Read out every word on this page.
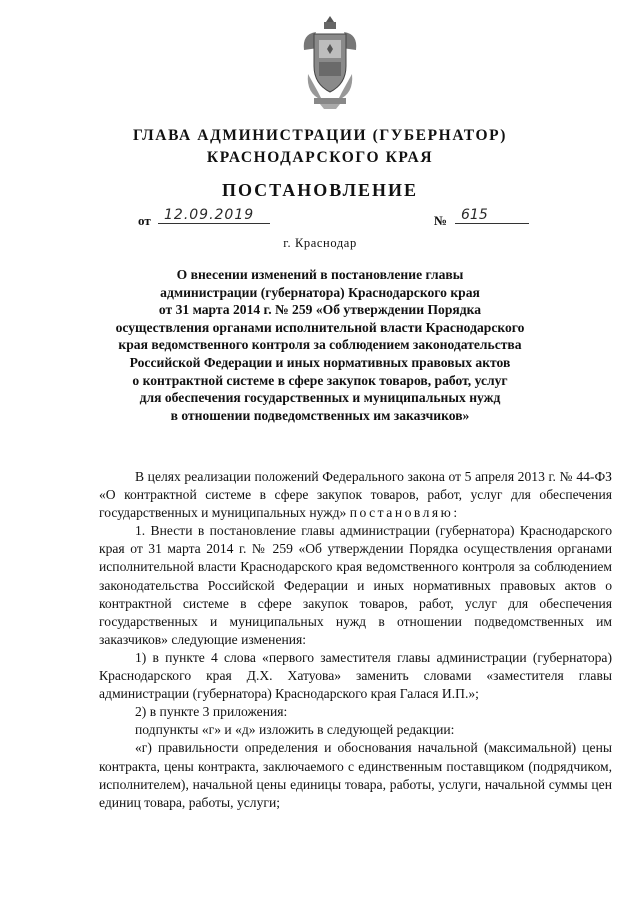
ГЛАВА АДМИНИСТРАЦИИ (ГУБЕРНАТОР)
КРАСНОДАРСКОГО КРАЯ
ПОСТАНОВЛЕНИЕ
от 12.09.2019	№ 615
г. Краснодар
О внесении изменений в постановление главы
администрации (губернатора) Краснодарского края
от 31 марта 2014 г. № 259 «Об утверждении Порядка
осуществления органами исполнительной власти Краснодарского
края ведомственного контроля за соблюдением законодательства
Российской Федерации и иных нормативных правовых актов
о контрактной системе в сфере закупок товаров, работ, услуг
для обеспечения государственных и муниципальных нужд
в отношении подведомственных им заказчиков»

В целях реализации положений Федерального закона от 5 апреля 2013 г. № 44-ФЗ «О контрактной системе в сфере закупок товаров, работ, услуг для обеспечения государственных и муниципальных нужд» постановляю:

1. Внести в постановление главы администрации (губернатора) Краснодарского края от 31 марта 2014 г. № 259 «Об утверждении Порядка осуществления органами исполнительной власти Краснодарского края ведомственного контроля за соблюдением законодательства Российской Федерации и иных нормативных правовых актов о контрактной системе в сфере закупок товаров, работ, услуг для обеспечения государственных и муниципальных нужд в отношении подведомственных им заказчиков» следующие изменения:

1) в пункте 4 слова «первого заместителя главы администрации (губернатора) Краснодарского края Д.Х. Хатуова» заменить словами «заместителя главы администрации (губернатора) Краснодарского края Галася И.П.»;

2) в пункте 3 приложения:

подпункты «г» и «д» изложить в следующей редакции:

«г) правильности определения и обоснования начальной (максимальной) цены контракта, цены контракта, заключаемого с единственным поставщиком (подрядчиком, исполнителем), начальной цены единицы товара, работы, услуги, начальной суммы цен единиц товара, работы, услуги;
